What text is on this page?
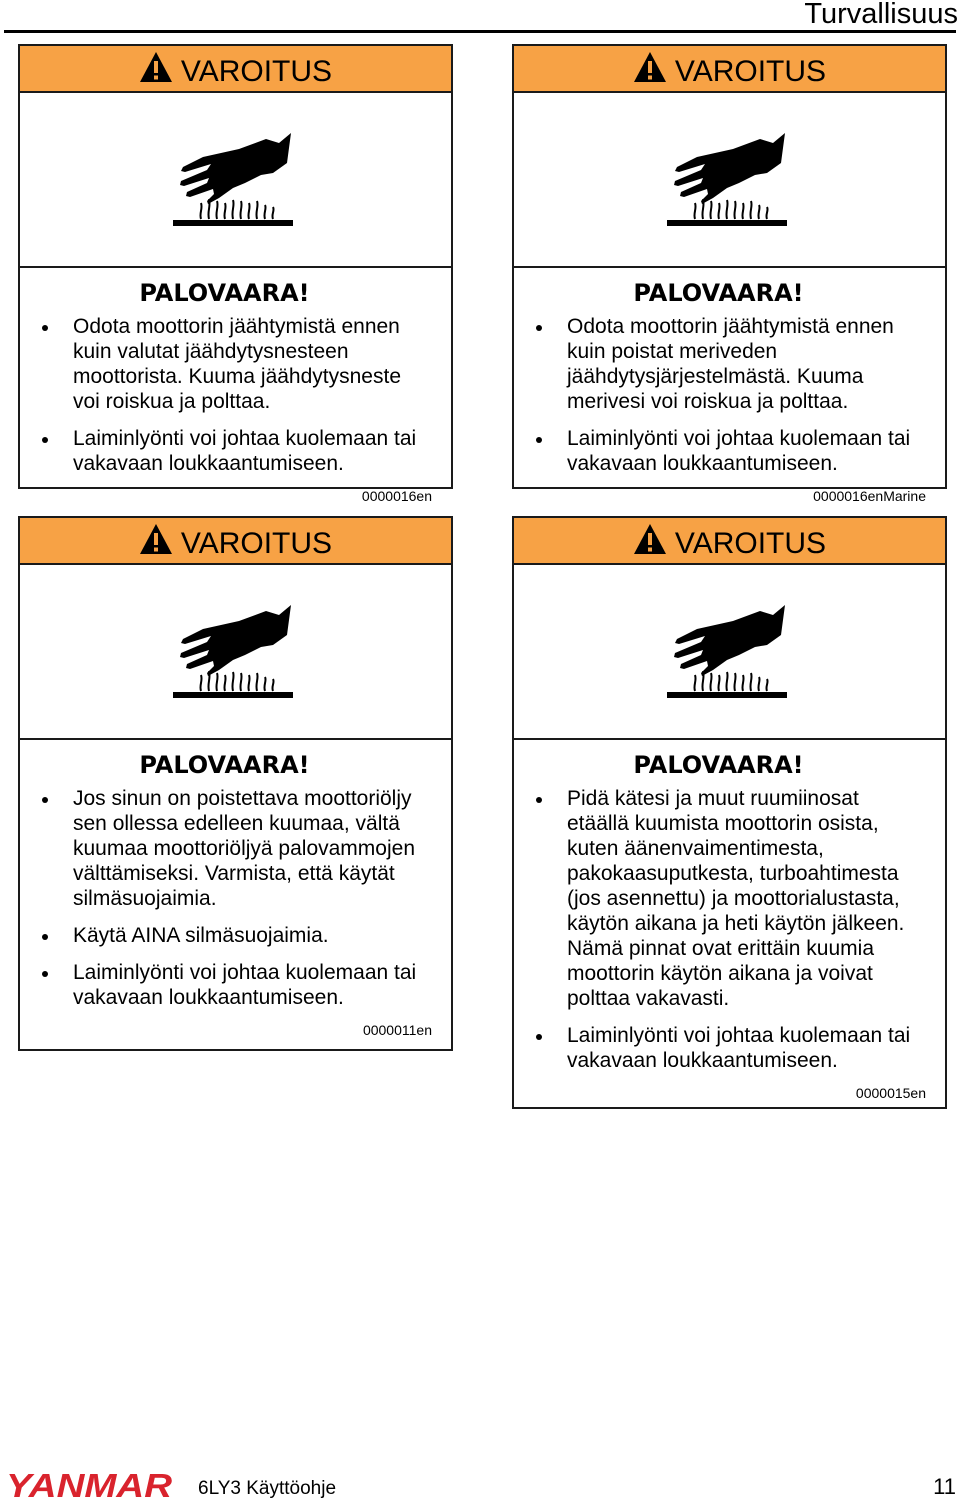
Turvallisuus
VAROITUS
PALOVAARA!
Odota moottorin jäähtymistä ennen kuin valutat jäähdytysnesteen moottorista. Kuuma jäähdytysneste voi roiskua ja polttaa.
Laiminlyönti voi johtaa kuolemaan tai vakavaan loukkaantumiseen.
0000016en
VAROITUS
PALOVAARA!
Odota moottorin jäähtymistä ennen kuin poistat meriveden jäähdytysjärjestelmästä. Kuuma merivesi voi roiskua ja polttaa.
Laiminlyönti voi johtaa kuolemaan tai vakavaan loukkaantumiseen.
0000016enMarine
VAROITUS
PALOVAARA!
Jos sinun on poistettava moottoriöljy sen ollessa edelleen kuumaa, vältä kuumaa moottoriöljyä palovammojen välttämiseksi. Varmista, että käytät silmäsuojaimia.
Käytä AINA silmäsuojaimia.
Laiminlyönti voi johtaa kuolemaan tai vakavaan loukkaantumiseen.
0000011en
VAROITUS
PALOVAARA!
Pidä kätesi ja muut ruumiinosat etäällä kuumista moottorin osista, kuten äänenvaimentimesta, pakokaasuputkesta, turboahtimesta (jos asennettu) ja moottorialustasta, käytön aikana ja heti käytön jälkeen. Nämä pinnat ovat erittäin kuumia moottorin käytön aikana ja voivat polttaa vakavasti.
Laiminlyönti voi johtaa kuolemaan tai vakavaan loukkaantumiseen.
0000015en
YANMAR 6LY3 Käyttöohje	11
